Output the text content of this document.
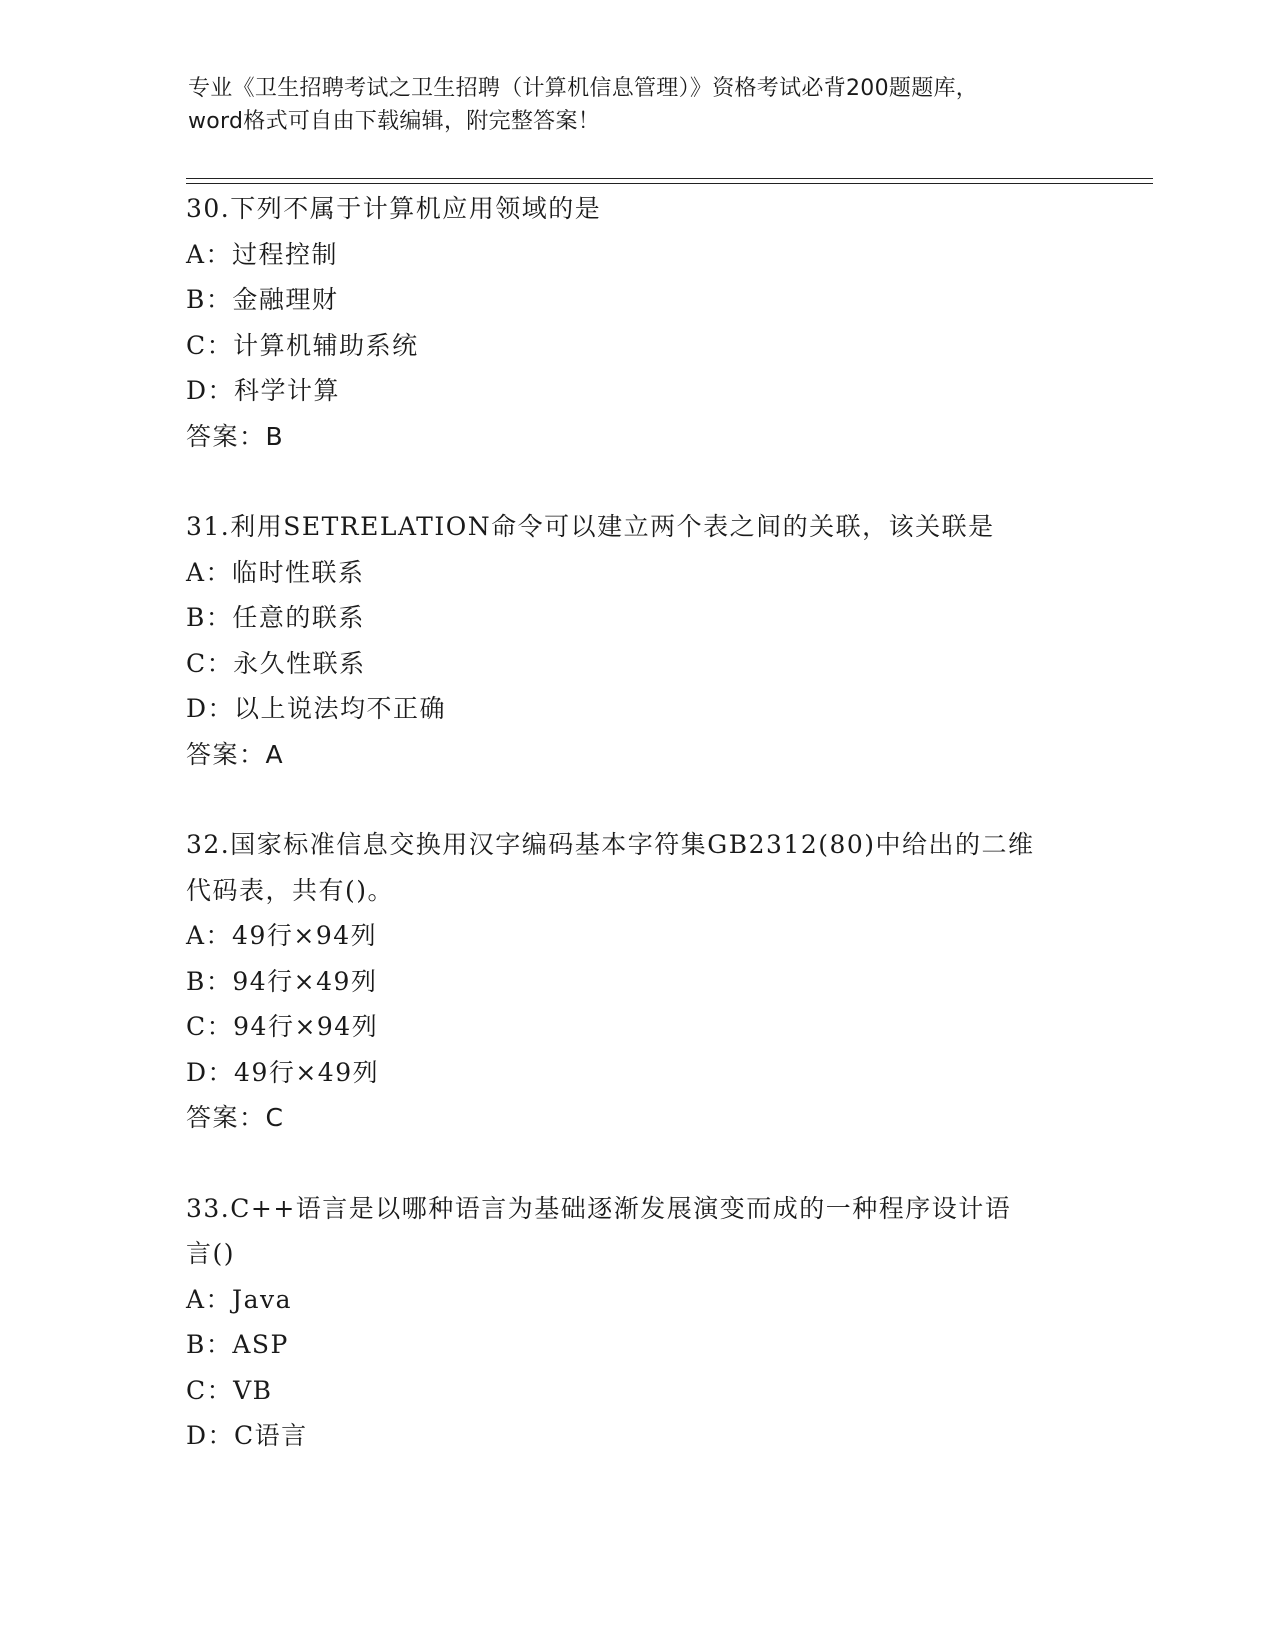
专业《卫生招聘考试之卫生招聘（计算机信息管理）》资格考试必背200题题库，

word格式可自由下载编辑，附完整答案！

30.下列不属于计算机应用领域的是
A：过程控制
B：金融理财
C：计算机辅助系统
D：科学计算
答案：B
31.利用SETRELATION命令可以建立两个表之间的关联，该关联是
A：临时性联系
B：任意的联系
C：永久性联系
D：以上说法均不正确
答案：A
32.国家标准信息交换用汉字编码基本字符集GB2312(80)中给出的二维
代码表，共有()。
A：49行×94列
B：94行×49列
C：94行×94列
D：49行×49列
答案：C
33.C++语言是以哪种语言为基础逐渐发展演变而成的一种程序设计语
言()
A：Java
B：ASP
C：VB
D：C语言
